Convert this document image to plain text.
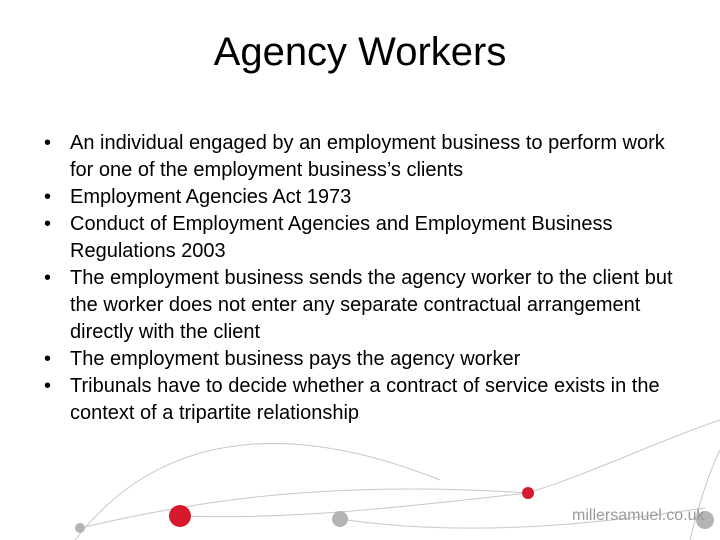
Agency Workers
• An individual engaged by an employment business to perform work for one of the employment business’s clients
• Employment Agencies Act 1973
• Conduct of Employment Agencies and Employment Business Regulations 2003
• The employment business sends the agency worker to the client but the worker does not enter any separate contractual arrangement directly with the client
• The employment business pays the agency worker
• Tribunals have to decide whether a contract of service exists in the context of a tripartite relationship
millersamuel.co.uk
